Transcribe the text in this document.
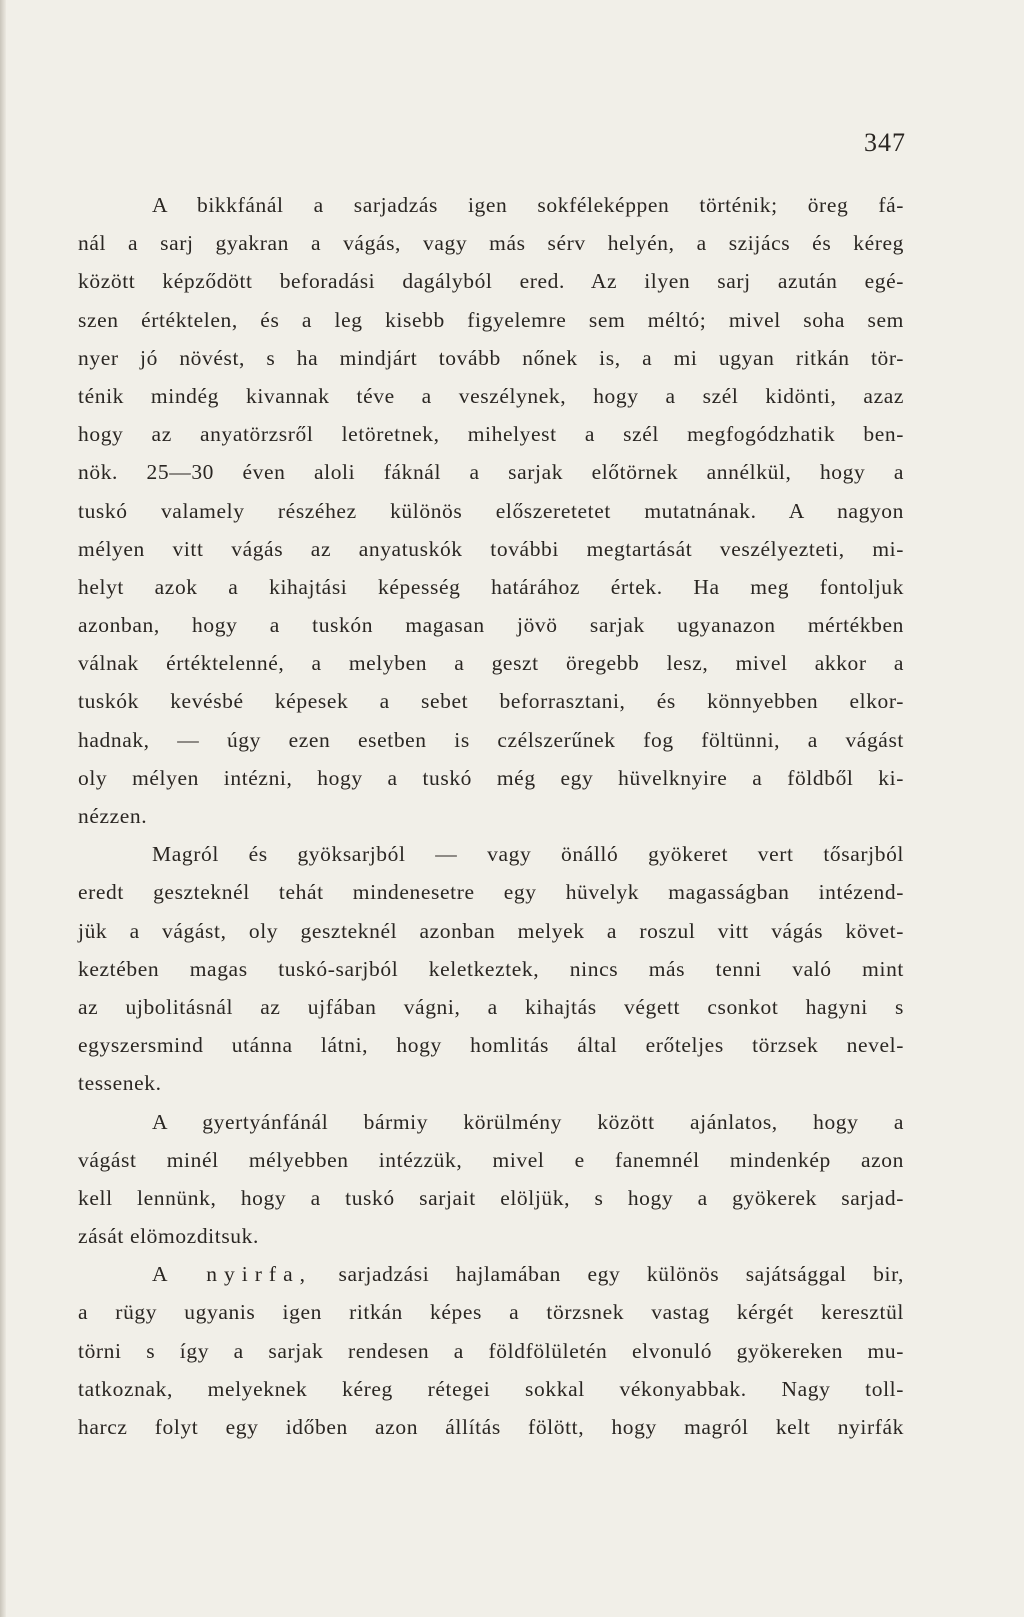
347
A bikkfánál a sarjadzás igen sokféleképpen történik; öreg fá-
nál a sarj gyakran a vágás, vagy más sérv helyén, a szijács és kéreg
között képződött beforadási dagályból ered. Az ilyen sarj azután egé-
szen értéktelen, és a leg kisebb figyelemre sem méltó; mivel soha sem
nyer jó növést, s ha mindjárt tovább nőnek is, a mi ugyan ritkán tör-
ténik mindég kivannak téve a veszélynek, hogy a szél kidönti, azaz
hogy az anyatörzsről letöretnek, mihelyest a szél megfogódzhatik ben-
nök. 25—30 éven aloli fáknál a sarjak előtörnek annélkül, hogy a
tuskó valamely részéhez különös előszeretetet mutatnának. A nagyon
mélyen vitt vágás az anyatuskók további megtartását veszélyezteti, mi-
helyt azok a kihajtási képesség határához értek. Ha meg fontoljuk
azonban, hogy a tuskón magasan jövö sarjak ugyanazon mértékben
válnak értéktelenné, a melyben a geszt öregebb lesz, mivel akkor a
tuskók kevésbé képesek a sebet beforrasztani, és könnyebben elkor-
hadnak, — úgy ezen esetben is czélszerűnek fog föltünni, a vágást
oly mélyen intézni, hogy a tuskó még egy hüvelknyire a földből ki-
nézzen.
Magról és gyöksarjból — vagy önálló gyökeret vert tősarjból
eredt geszteknél tehát mindenesetre egy hüvelyk magasságban intézend-
jük a vágást, oly geszteknél azonban melyek a roszul vitt vágás követ-
keztében magas tuskó-sarjból keletkeztek, nincs más tenni való mint
az ujbolitásnál az ujfában vágni, a kihajtás végett csonkot hagyni s
egyszersmind utánna látni, hogy homlitás által erőteljes törzsek nevel-
tessenek.
A gyertyánfánál bármiy körülmény között ajánlatos, hogy a
vágást minél mélyebben intézzük, mivel e fanemnél mindenkép azon
kell lennünk, hogy a tuskó sarjait elöljük, s hogy a gyökerek sarjad-
zását elömozditsuk.
A nyirfa, sarjadzási hajlamában egy különös sajátsággal bir,
a rügy ugyanis igen ritkán képes a törzsnek vastag kérgét keresztül
törni s így a sarjak rendesen a földfölületén elvonuló gyökereken mu-
tatkoznak, melyeknek kéreg rétegei sokkal vékonyabbak. Nagy toll-
harcz folyt egy időben azon állítás fölött, hogy magról kelt nyirfák
